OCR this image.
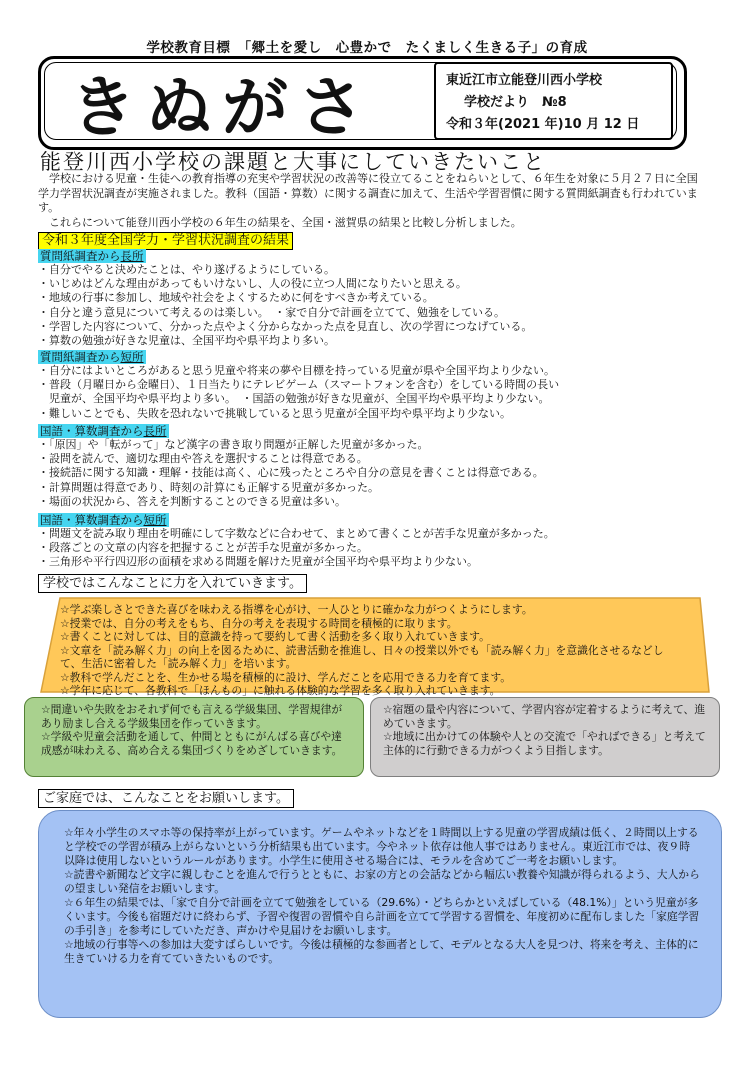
学校教育目標　「郷土を愛し　心豊かで　たくましく生きる子」の育成
きぬがさ	東近江市立能登川西小学校
学校だより　№8
令和３年(2021 年)10 月 12 日
能登川西小学校の課題と大事にしていきたいこと
　学校における児童・生徒への教育指導の充実や学習状況の改善等に役立てることをねらいとして、６年生を対象に５月２７日に全国学力学習状況調査が実施されました。教科（国語・算数）に関する調査に加えて、生活や学習習慣に関する質問紙調査も行われています。
　これらについて能登川西小学校の６年生の結果を、全国・滋賀県の結果と比較し分析しました。
令和３年度全国学力・学習状況調査の結果
質問紙調査から長所
・自分でやると決めたことは、やり遂げるようにしている。
・いじめはどんな理由があってもいけないし、人の役に立つ人間になりたいと思える。
・地域の行事に参加し、地域や社会をよくするために何をすべきか考えている。
・自分と違う意見について考えるのは楽しい。　・家で自分で計画を立てて、勉強をしている。
・学習した内容について、分かった点やよく分からなかった点を見直し、次の学習につなげている。
・算数の勉強が好きな児童は、全国平均や県平均より多い。
質問紙調査から短所
・自分にはよいところがあると思う児童や将来の夢や目標を持っている児童が県や全国平均より少ない。
・普段（月曜日から金曜日）、１日当たりにテレビゲーム（スマートフォンを含む）をしている時間の長い
　児童が、全国平均や県平均より多い。　・国語の勉強が好きな児童が、全国平均や県平均より少ない。
・難しいことでも、失敗を恐れないで挑戦していると思う児童が全国平均や県平均より少ない。
国語・算数調査から長所
・「原因」や「転がって」など漢字の書き取り問題が正解した児童が多かった。
・設問を読んで、適切な理由や答えを選択することは得意である。
・接続語に関する知識・理解・技能は高く、心に残ったところや自分の意見を書くことは得意である。
・計算問題は得意であり、時刻の計算にも正解する児童が多かった。
・場面の状況から、答えを判断することのできる児童は多い。
国語・算数調査から短所
・問題文を読み取り理由を明確にして字数などに合わせて、まとめて書くことが苦手な児童が多かった。
・段落ごとの文章の内容を把握することが苦手な児童が多かった。
・三角形や平行四辺形の面積を求める問題を解けた児童が全国平均や県平均より少ない。
学校ではこんなことに力を入れていきます。
☆学ぶ楽しさとできた喜びを味わえる指導を心がけ、一人ひとりに確かな力がつくようにします。
☆授業では、自分の考えをもち、自分の考えを表現する時間を積極的に取ります。
☆書くことに対しては、目的意識を持って要約して書く活動を多く取り入れていきます。
☆文章を「読み解く力」の向上を図るために、読書活動を推進し、日々の授業以外でも「読み解く力」を意識化させるなどして、生活に密着した「読み解く力」を培います。
☆教科で学んだことを、生かせる場を積極的に設け、学んだことを応用できる力を育てます。
☆学年に応じて、各教科で「ほんもの」に触れる体験的な学習を多く取り入れていきます。
☆間違いや失敗をおそれず何でも言える学級集団、学習規律があり励まし合える学級集団を作っていきます。
☆学級や児童会活動を通して、仲間とともにがんばる喜びや達成感が味わえる、高め合える集団づくりをめざしていきます。
☆宿題の量や内容について、学習内容が定着するように考えて、進めていきます。
☆地域に出かけての体験や人との交流で「やればできる」と考えて主体的に行動できる力がつくよう目指します。
ご家庭では、こんなことをお願いします。
☆年々小学生のスマホ等の保持率が上がっています。ゲームやネットなどを１時間以上する児童の学習成績は低く、２時間以上すると学校での学習が積み上がらないという分析結果も出ています。今やネット依存は他人事ではありません。東近江市では、夜９時以降は使用しないというルールがあります。小学生に使用させる場合には、モラルを含めてご一考をお願いします。
☆読書や新聞など文字に親しむことを進んで行うとともに、お家の方との会話などから幅広い教養や知識が得られるよう、大人からの望ましい発信をお願いします。
☆６年生の結果では、「家で自分で計画を立てて勉強をしている（29.6%）・どちらかといえばしている（48.1%）」という児童が多くいます。今後も宿題だけに終わらず、予習や復習の習慣や自ら計画を立てて学習する習慣を、年度初めに配布しました「家庭学習の手引き」を参考にしていただき、声かけや見届けをお願いします。
☆地域の行事等への参加は大変すばらしいです。今後は積極的な参画者として、モデルとなる大人を見つけ、将来を考え、主体的に生きていける力を育てていきたいものです。
